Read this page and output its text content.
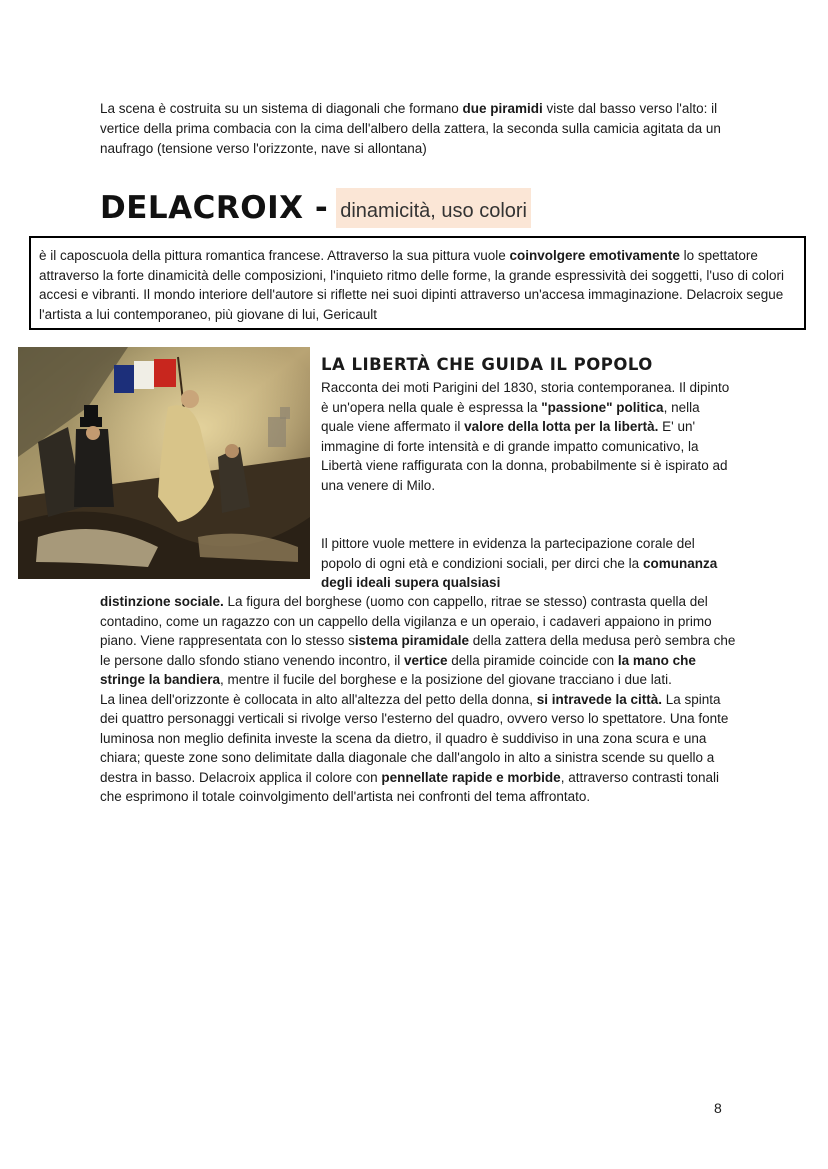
La scena è costruita su un sistema di diagonali che formano due piramidi viste dal basso verso l'alto: il vertice della prima combacia con la cima dell'albero della zattera, la seconda sulla camicia agitata da un naufrago (tensione verso l'orizzonte, nave si allontana)

DELACROIX - dinamicità, uso colori

è il caposcuola della pittura romantica francese. Attraverso la sua pittura vuole coinvolgere emotivamente lo spettatore attraverso la forte dinamicità delle composizioni, l'inquieto ritmo delle forme, la grande espressività dei soggetti, l'uso di colori accesi e vibranti. Il mondo interiore dell'autore si riflette nei suoi dipinti attraverso un'accesa immaginazione. Delacroix segue l'artista a lui contemporaneo, più giovane di lui, Gericault

LA LIBERTÀ CHE GUIDA IL POPOLO

Racconta dei moti Parigini del 1830, storia contemporanea. Il dipinto è un'opera nella quale è espressa la "passione" politica, nella quale viene affermato il valore della lotta per la libertà. E' un' immagine di forte intensità e di grande impatto comunicativo, la Libertà viene raffigurata con la donna, probabilmente si è ispirato ad una venere di Milo.

Il pittore vuole mettere in evidenza la partecipazione corale del popolo di ogni età e condizioni sociali, per dirci che la comunanza degli ideali supera qualsiasi

distinzione sociale. La figura del borghese (uomo con cappello, ritrae se stesso) contrasta quella del contadino, come un ragazzo con un cappello della vigilanza e un operaio, i cadaveri appaiono in primo piano. Viene rappresentata con lo stesso sistema piramidale della zattera della medusa però sembra che le persone dallo sfondo stiano venendo incontro, il vertice della piramide coincide con la mano che stringe la bandiera, mentre il fucile del borghese e la posizione del giovane tracciano i due lati.

La linea dell'orizzonte è collocata in alto all'altezza del petto della donna, si intravede la città. La spinta dei quattro personaggi verticali si rivolge verso l'esterno del quadro, ovvero verso lo spettatore. Una fonte luminosa non meglio definita investe la scena da dietro, il quadro è suddiviso in una zona scura e una chiara; queste zone sono delimitate dalla diagonale che dall'angolo in alto a sinistra scende su quello a destra in basso. Delacroix applica il colore con pennellate rapide e morbide, attraverso contrasti tonali che esprimono il totale coinvolgimento dell'artista nei confronti del tema affrontato.

8
